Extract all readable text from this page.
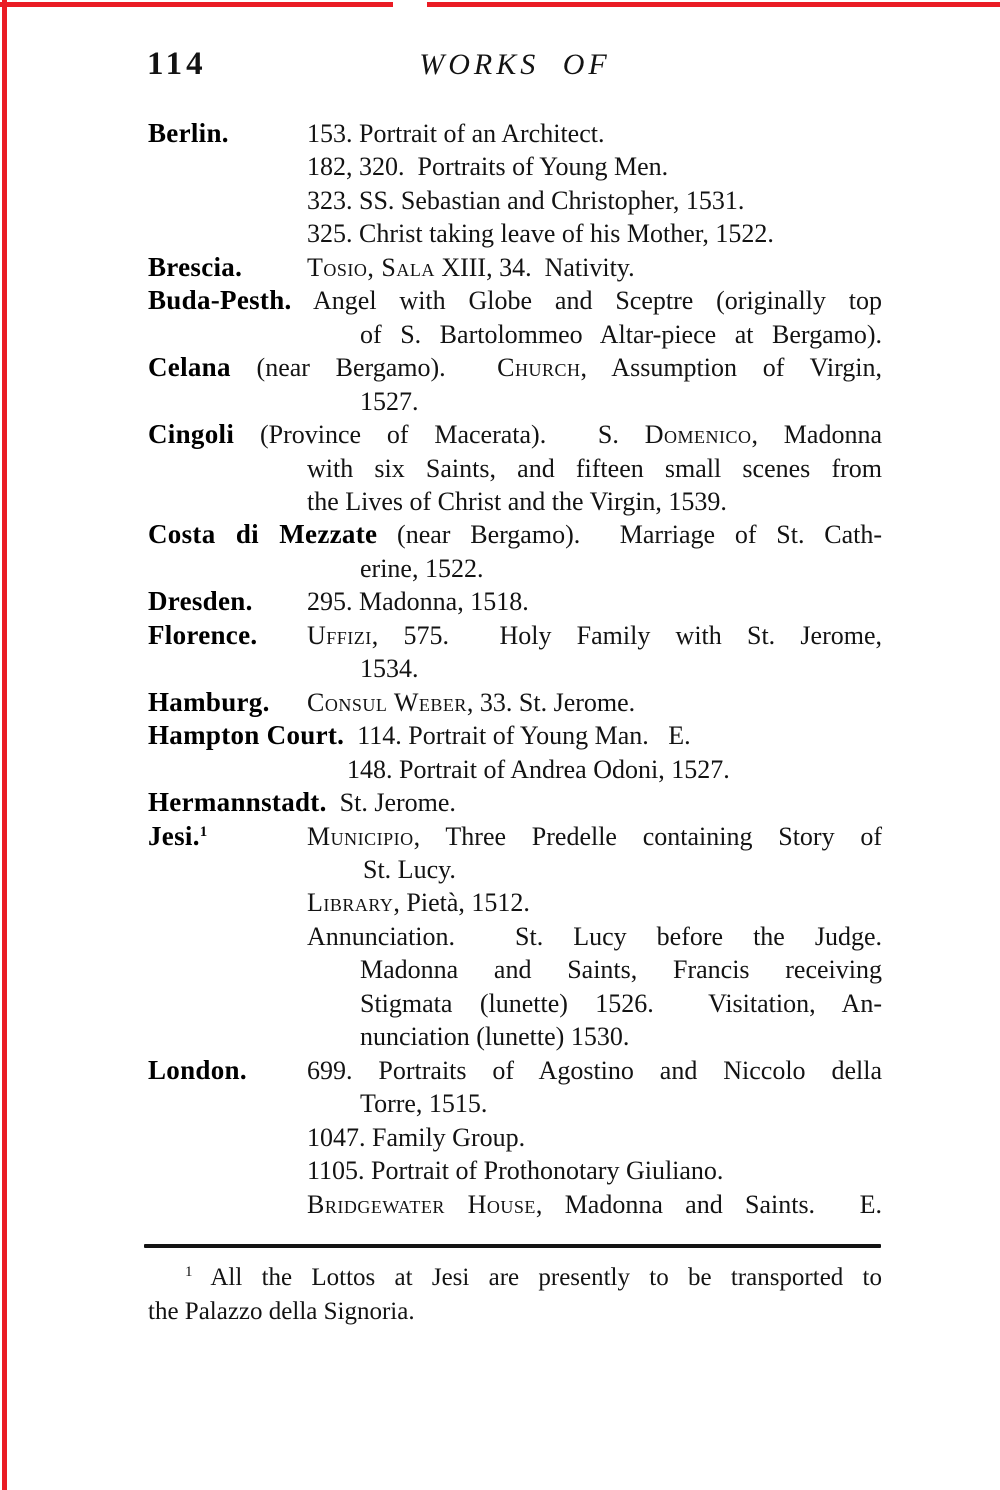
114	WORKS OF
Berlin.	153. Portrait of an Architect.
182, 320.  Portraits of Young Men.
323. SS. Sebastian and Christopher, 1531.
325. Christ taking leave of his Mother, 1522.
Brescia. Tosio, Sala XIII, 34.  Nativity.
Buda-Pesth. Angel with Globe and Sceptre (originally top
of S. Bartolommeo Altar-piece at Bergamo).
Celana (near Bergamo).  Church, Assumption of Virgin,
1527.
Cingoli (Province of Macerata).  S. Domenico, Madonna
with six Saints, and fifteen small scenes from
the Lives of Christ and the Virgin, 1539.
Costa di Mezzate (near Bergamo).  Marriage of St. Cath-
erine, 1522.
Dresden. 295. Madonna, 1518.
Florence. Uffizi, 575.  Holy Family with St. Jerome,
1534.
Hamburg. Consul Weber, 33. St. Jerome.
Hampton Court.  114. Portrait of Young Man.   E.
148. Portrait of Andrea Odoni, 1527.
Hermannstadt.  St. Jerome.
Jesi.$^1$	Municipio, Three Predelle containing Story of
St. Lucy.
Library, Pietà, 1512.
Annunciation.  St. Lucy before the Judge.
Madonna and Saints, Francis receiving
Stigmata (lunette) 1526.  Visitation, An-
nunciation (lunette) 1530.
London. 699. Portraits of Agostino and Niccolo della
Torre, 1515.
1047. Family Group.
1105. Portrait of Prothonotary Giuliano.
Bridgewater House, Madonna and Saints.  E.
$^1$ All the Lottos at Jesi are presently to be transported to
the Palazzo della Signoria.
